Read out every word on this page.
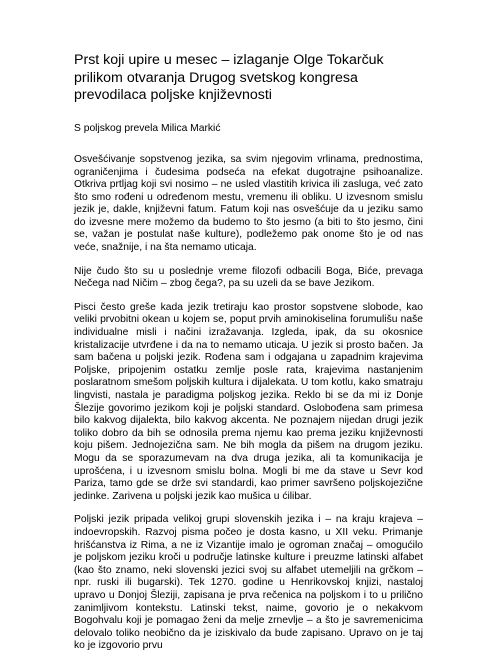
Prst koji upire u mesec – izlaganje Olge Tokarčuk prilikom otvaranja Drugog svetskog kongresa prevodilaca poljske književnosti
S poljskog prevela Milica Markić

Osvešćivanje sopstvenog jezika, sa svim njegovim vrlinama, prednostima, ograničenjima i čudesima podseća na efekat dugotrajne psihoanalize. Otkriva prtljag koji svi nosimo – ne usled vlastitih krivica ili zasluga, već zato što smo rođeni u određenom mestu, vremenu ili obliku. U izvesnom smislu jezik je, dakle, književni fatum. Fatum koji nas osvešćuje da u jeziku samo do izvesne mere možemo da budemo to što jesmo (a biti to što jesmo, čini se, važan je postulat naše kulture), podležemo pak onome što je od nas veće, snažnije, i na šta nemamo uticaja.

Nije čudo što su u poslednje vreme filozofi odbacili Boga, Biće, prevaga Nečega nad Ničim – zbog čega?, pa su uzeli da se bave Jezikom.

Pisci često greše kada jezik tretiraju kao prostor sopstvene slobode, kao veliki prvobitni okean u kojem se, poput prvih aminokiselina forumulišu naše individualne misli i načini izražavanja. Izgleda, ipak, da su okosnice kristalizacije utvrđene i da na to nemamo uticaja. U jezik si prosto bačen. Ja sam bačena u poljski jezik. Rođena sam i odgajana u zapadnim krajevima Poljske, pripojenim ostatku zemlje posle rata, krajevima nastanjenim poslaratnom smešom poljskih kultura i dijalekata. U tom kotlu, kako smatraju lingvisti, nastala je paradigma poljskog jezika. Reklo bi se da mi iz Donje Šlezije govorimo jezikom koji je poljski standard. Oslobođena sam primesa bilo kakvog dijalekta, bilo kakvog akcenta. Ne poznajem nijedan drugi jezik toliko dobro da bih se odnosila prema njemu kao prema jeziku književnosti koju pišem. Jednojezična sam. Ne bih mogla da pišem na drugom jeziku. Mogu da se sporazumevam na dva druga jezika, ali ta komunikacija je uprošćena, i u izvesnom smislu bolna. Mogli bi me da stave u Sevr kod Pariza, tamo gde se drže svi standardi, kao primer savršeno poljskojezične jedinke. Zarivena u poljski jezik kao mušica u ćilibar.

Poljski jezik pripada velikoj grupi slovenskih jezika i – na kraju krajeva – indoevropskih. Razvoj pisma počeo je dosta kasno, u XII veku. Primanje hrišćanstva iz Rima, a ne iz Vizantije imalo je ogroman značaj – omogućilo je poljskom jeziku kroči u područje latinske kulture i preuzme latinski alfabet (kao što znamo, neki slovenski jezici svoj su alfabet utemeljili na grčkom – npr. ruski ili bugarski). Tek 1270. godine u Henrikovskoj knjizi, nastaloj upravo u Donjoj Šleziji, zapisana je prva rečenica na poljskom i to u prilično zanimljivom kontekstu. Latinski tekst, naime, govorio je o nekakvom Bogohvalu koji je pomagao ženi da melje zrnevlje – a što je savremenicima delovalo toliko neobično da je iziskivalo da bude zapisano. Upravo on je taj ko je izgovorio prvu
